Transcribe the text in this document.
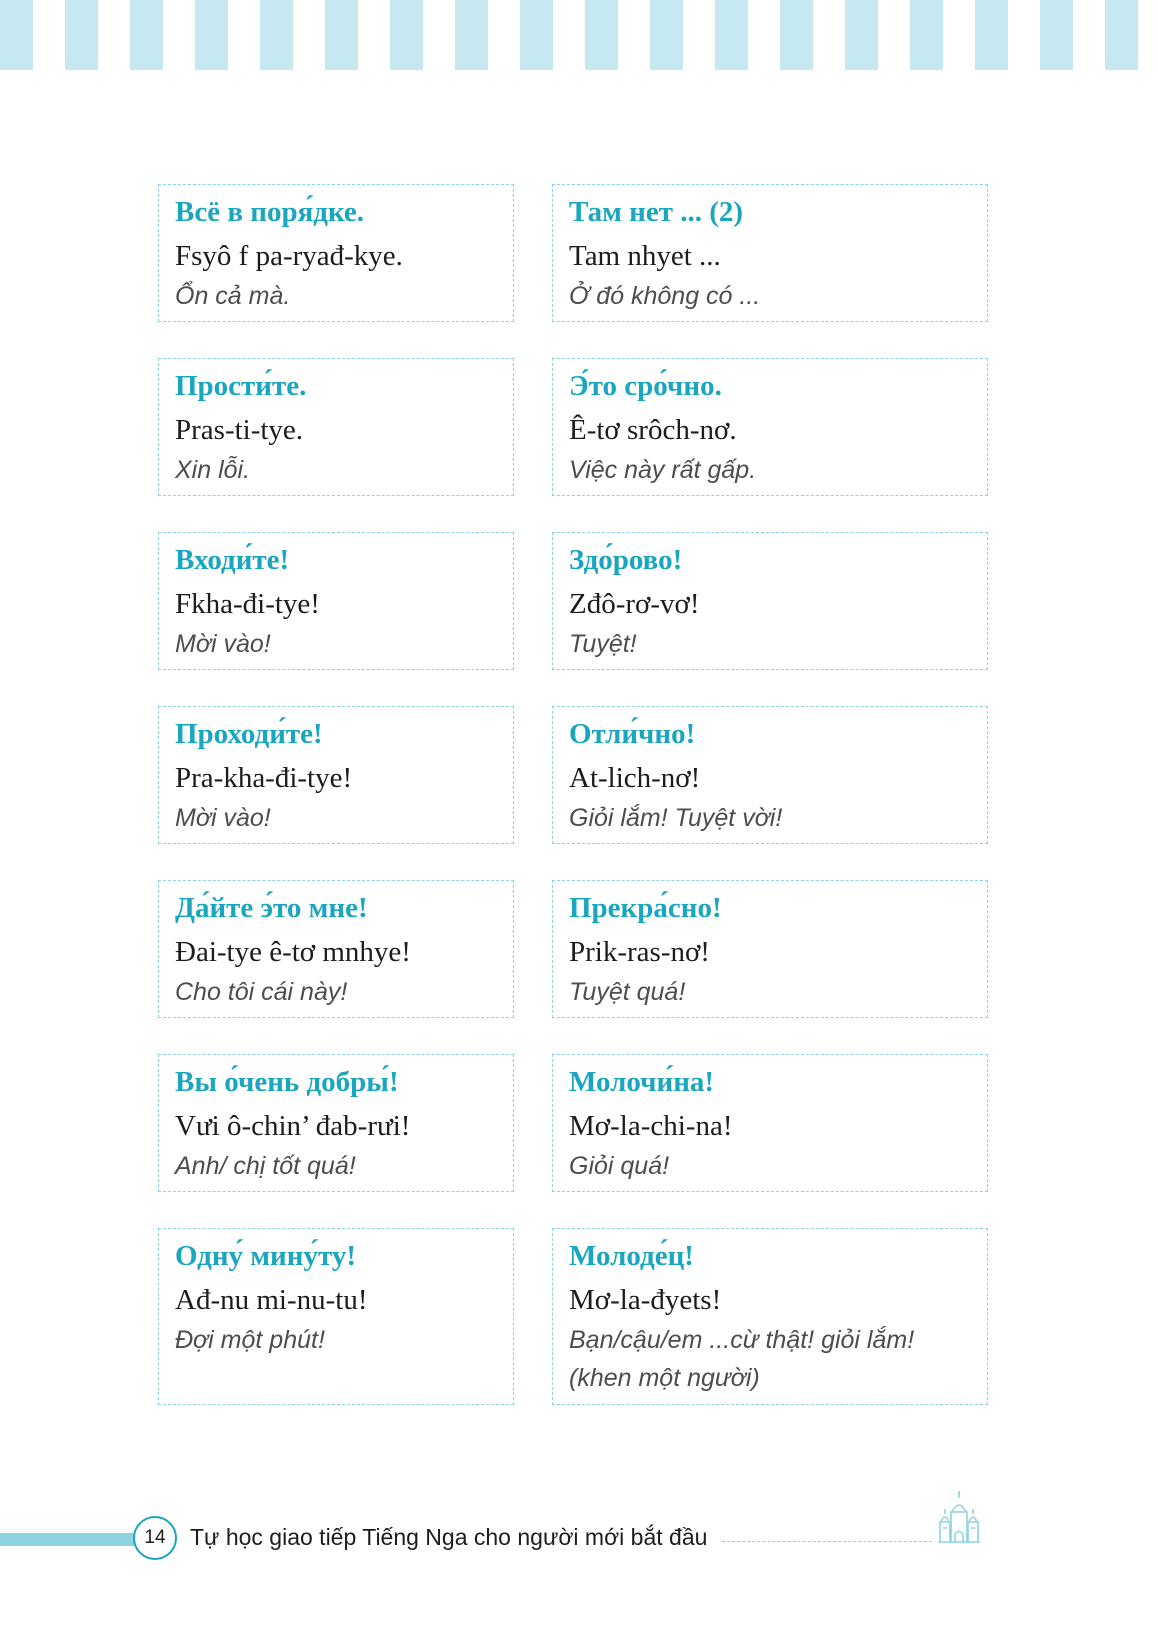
Всё в поря́дке.
Fsyô f pa-ryađ-kye.
Ổn cả mà.
Там нет ... (2)
Tam nhyet ...
Ở đó không có ...
Прости́те.
Pras-ti-tye.
Xin lỗi.
Э́то сро́чно.
Ê-tơ srôch-nơ.
Việc này rất gấp.
Входи́те!
Fkha-đi-tye!
Mời vào!
Здо́рово!
Zđô-rơ-vơ!
Tuyệt!
Проходи́те!
Pra-kha-đi-tye!
Mời vào!
Отли́чно!
At-lich-nơ!
Giỏi lắm! Tuyệt vời!
Да́йте э́то мне!
Đai-tye ê-tơ mnhye!
Cho tôi cái này!
Прекра́сно!
Prik-ras-nơ!
Tuyệt quá!
Вы о́чень добры́!
Vưi ô-chin’ đab-rưi!
Anh/ chị tốt quá!
Молочи́на!
Mơ-la-chi-na!
Giỏi quá!
Одну́ мину́ту!
Ađ-nu mi-nu-tu!
Đợi một phút!
Молоде́ц!
Mơ-la-đyets!
Bạn/cậu/em ...cừ thật! giỏi lắm!
(khen một người)
14	Tự học giao tiếp Tiếng Nga cho người mới bắt đầu
